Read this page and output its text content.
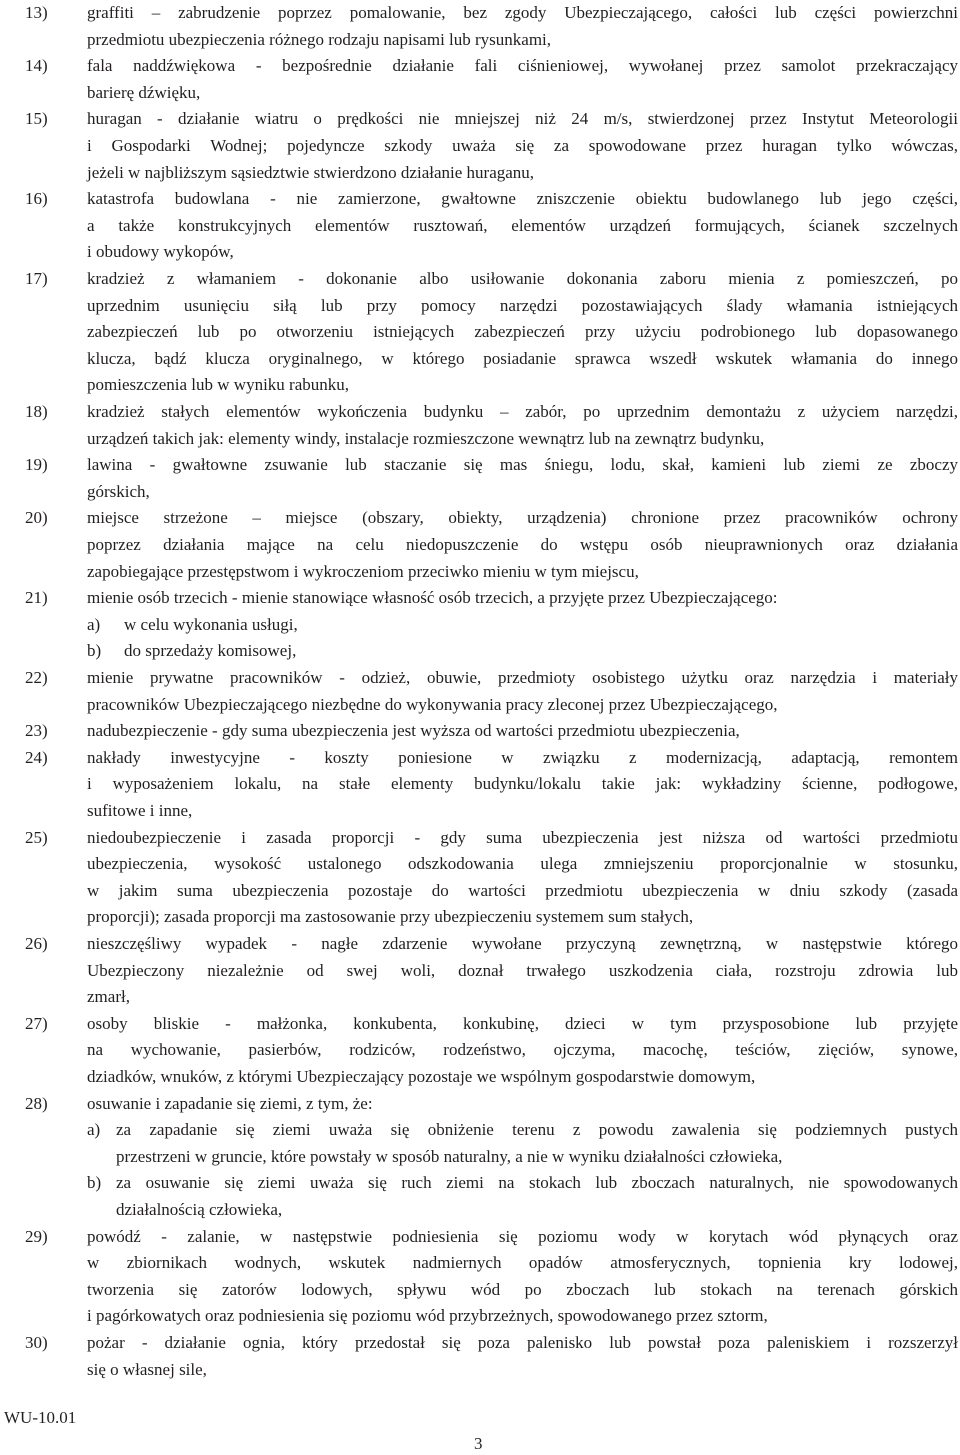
13) graffiti – zabrudzenie poprzez pomalowanie, bez zgody Ubezpieczającego, całości lub części powierzchni
przedmiotu ubezpieczenia różnego rodzaju napisami lub rysunkami,
14) fala naddźwiękowa - bezpośrednie działanie fali ciśnieniowej, wywołanej przez samolot przekraczający
barierę dźwięku,
15) huragan - działanie wiatru o prędkości nie mniejszej niż 24 m/s, stwierdzonej przez Instytut Meteorologii
i Gospodarki Wodnej; pojedyncze szkody uważa się za spowodowane przez huragan tylko wówczas,
jeżeli w najbliższym sąsiedztwie stwierdzono działanie huraganu,
16) katastrofa budowlana - nie zamierzone, gwałtowne zniszczenie obiektu budowlanego lub jego części,
a także konstrukcyjnych elementów rusztowań, elementów urządzeń formujących, ścianek szczelnych
i obudowy wykopów,
17) kradzież z włamaniem - dokonanie albo usiłowanie dokonania zaboru mienia z pomieszczeń, po
uprzednim usunięciu siłą lub przy pomocy narzędzi pozostawiających ślady włamania istniejących
zabezpieczeń lub po otworzeniu istniejących zabezpieczeń przy użyciu podrobionego lub dopasowanego
klucza, bądź klucza oryginalnego, w którego posiadanie sprawca wszedł wskutek włamania do innego
pomieszczenia lub w wyniku rabunku,
18) kradzież stałych elementów wykończenia budynku – zabór, po uprzednim demontażu z użyciem narzędzi,
urządzeń takich jak: elementy windy, instalacje rozmieszczone wewnątrz lub na zewnątrz budynku,
19) lawina - gwałtowne zsuwanie lub staczanie się mas śniegu, lodu, skał, kamieni lub ziemi ze zboczy
górskich,
20) miejsce strzeżone – miejsce (obszary, obiekty, urządzenia) chronione przez pracowników ochrony
poprzez działania mające na celu niedopuszczenie do wstępu osób nieuprawnionych oraz działania
zapobiegające przestępstwom i wykroczeniom przeciwko mieniu w tym miejscu,
21) mienie osób trzecich - mienie stanowiące własność osób trzecich, a przyjęte przez Ubezpieczającego:
a) w celu wykonania usługi,
b) do sprzedaży komisowej,
22) mienie prywatne pracowników - odzież, obuwie, przedmioty osobistego użytku oraz narzędzia i materiały
pracowników Ubezpieczającego niezbędne do wykonywania pracy zleconej przez Ubezpieczającego,
23) nadubezpieczenie - gdy suma ubezpieczenia jest wyższa od wartości przedmiotu ubezpieczenia,
24) nakłady inwestycyjne - koszty poniesione w związku z modernizacją, adaptacją, remontem
i wyposażeniem lokalu, na stałe elementy budynku/lokalu takie jak: wykładziny ścienne, podłogowe,
sufitowe i inne,
25) niedoubezpieczenie i zasada proporcji - gdy suma ubezpieczenia jest niższa od wartości przedmiotu
ubezpieczenia, wysokość ustalonego odszkodowania ulega zmniejszeniu proporcjonalnie w stosunku,
w jakim suma ubezpieczenia pozostaje do wartości przedmiotu ubezpieczenia w dniu szkody (zasada
proporcji); zasada proporcji ma zastosowanie przy ubezpieczeniu systemem sum stałych,
26) nieszczęśliwy wypadek - nagłe zdarzenie wywołane przyczyną zewnętrzną, w następstwie którego
Ubezpieczony niezależnie od swej woli, doznał trwałego uszkodzenia ciała, rozstroju zdrowia lub
zmarł,
27) osoby bliskie - małżonka, konkubenta, konkubinę, dzieci w tym przysposobione lub przyjęte
na wychowanie, pasierbów, rodziców, rodzeństwo, ojczyma, macochę, teściów, zięciów, synowe,
dziadków, wnuków, z którymi Ubezpieczający pozostaje we wspólnym gospodarstwie domowym,
28) osuwanie i zapadanie się ziemi, z tym, że:
a) za zapadanie się ziemi uważa się obniżenie terenu z powodu zawalenia się podziemnych pustych
przestrzeni w gruncie, które powstały w sposób naturalny, a nie w wyniku działalności człowieka,
b) za osuwanie się ziemi uważa się ruch ziemi na stokach lub zboczach naturalnych, nie spowodowanych
działalnością człowieka,
29) powódź - zalanie, w następstwie podniesienia się poziomu wody w korytach wód płynących oraz
w zbiornikach wodnych, wskutek nadmiernych opadów atmosferycznych, topnienia kry lodowej,
tworzenia się zatorów lodowych, spływu wód po zboczach lub stokach na terenach górskich
i pagórkowatych oraz podniesienia się poziomu wód przybrzeżnych, spowodowanego przez sztorm,
30) pożar - działanie ognia, który przedostał się poza palenisko lub powstał poza paleniskiem i rozszerzył
się o własnej sile,
WU-10.01
3
